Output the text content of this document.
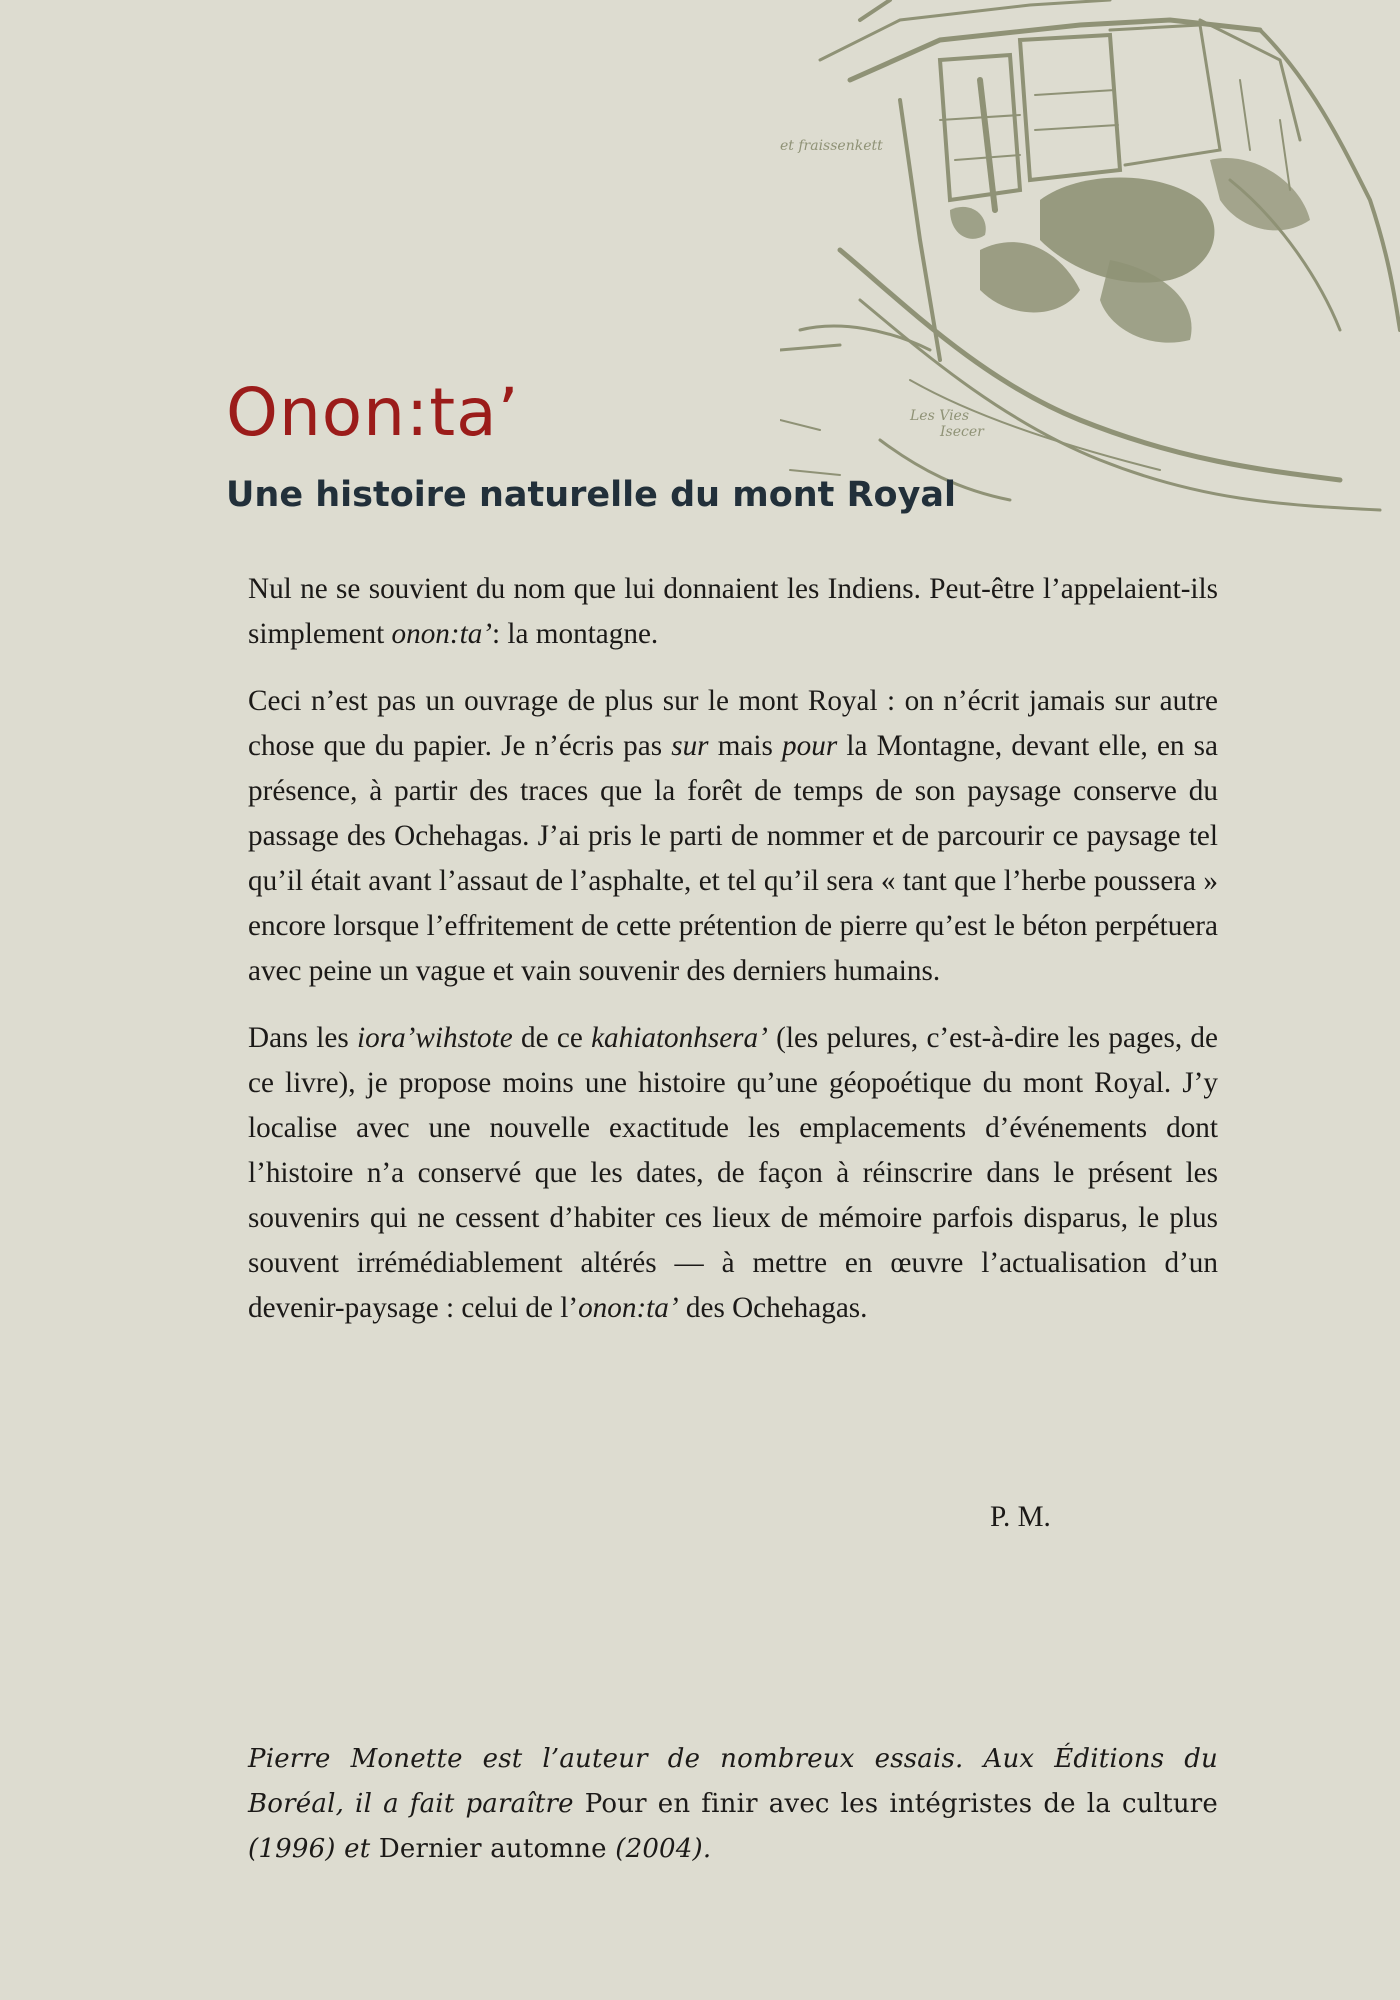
et fraissenkett
Les Vies
Isecer
Onon:ta’
Une histoire naturelle du mont Royal

Nul ne se souvient du nom que lui donnaient les Indiens. Peut-être l’appelaient-ils simplement onon:ta’: la montagne.

Ceci n’est pas un ouvrage de plus sur le mont Royal : on n’écrit jamais sur autre chose que du papier. Je n’écris pas sur mais pour la Montagne, devant elle, en sa présence, à partir des traces que la forêt de temps de son paysage conserve du passage des Ochehagas. J’ai pris le parti de nommer et de parcourir ce paysage tel qu’il était avant l’assaut de l’asphalte, et tel qu’il sera « tant que l’herbe poussera » encore lorsque l’effritement de cette prétention de pierre qu’est le béton perpétuera avec peine un vague et vain souvenir des derniers humains.

Dans les iora’wihstote de ce kahiatonhsera’ (les pelures, c’est-à-dire les pages, de ce livre), je propose moins une histoire qu’une géopoétique du mont Royal. J’y localise avec une nouvelle exactitude les emplacements d’événements dont l’histoire n’a conservé que les dates, de façon à réinscrire dans le présent les souvenirs qui ne cessent d’habiter ces lieux de mémoire parfois disparus, le plus souvent irrémédiablement altérés — à mettre en œuvre l’actualisation d’un devenir-paysage : celui de l’onon:ta’ des Ochehagas.

P. M.
Pierre Monette est l’auteur de nombreux essais. Aux Éditions du Boréal, il a fait paraître Pour en finir avec les intégristes de la culture (1996) et Dernier automne (2004).
